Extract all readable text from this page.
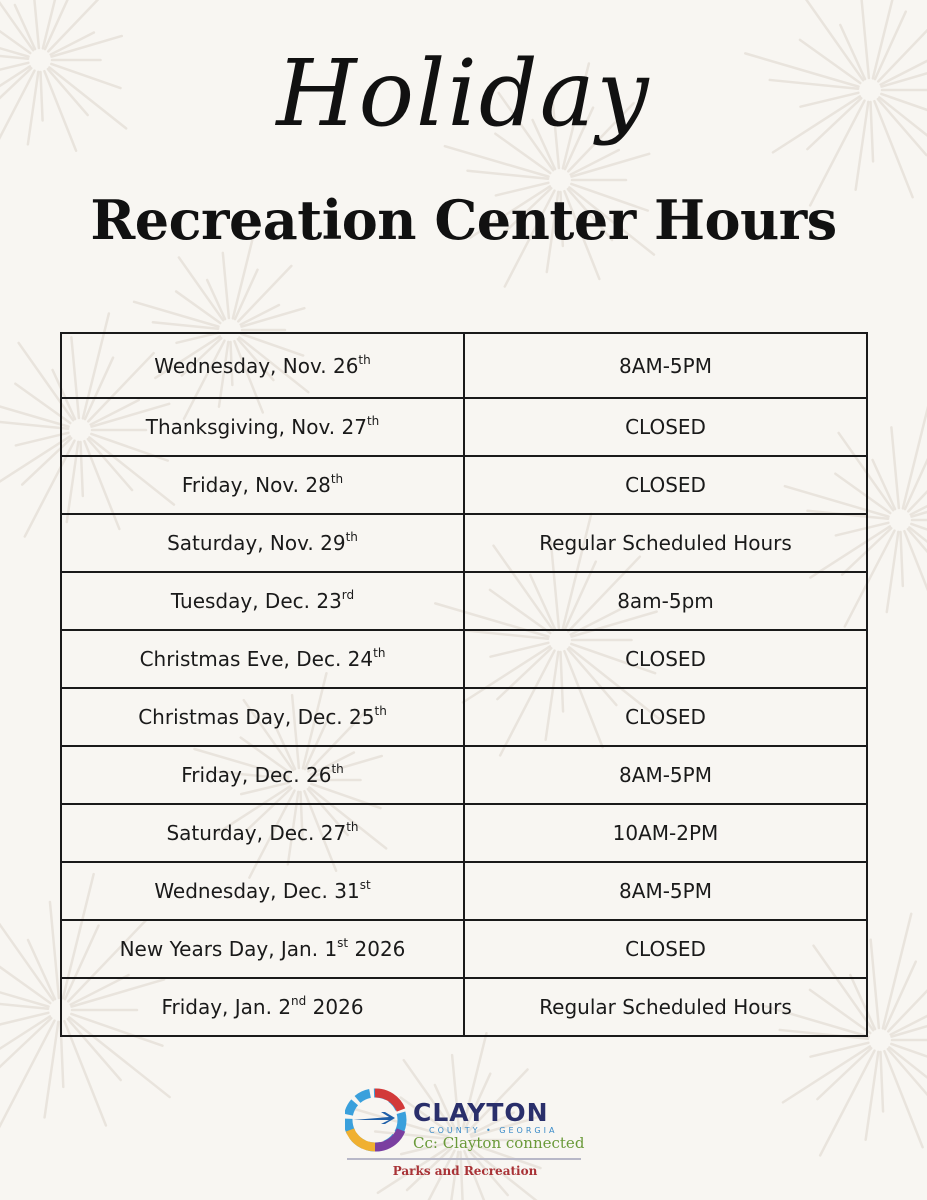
Holiday
Recreation Center Hours
Wednesday, Nov. 26th	8AM-5PM
Thanksgiving, Nov. 27th	CLOSED
Friday, Nov. 28th	CLOSED
Saturday, Nov. 29th	Regular Scheduled Hours
Tuesday, Dec. 23rd	8am-5pm
Christmas Eve, Dec. 24th	CLOSED
Christmas Day, Dec. 25th	CLOSED
Friday, Dec. 26th	8AM-5PM
Saturday, Dec. 27th	10AM-2PM
Wednesday, Dec. 31st	8AM-5PM
New Years Day, Jan. 1st 2026	CLOSED
Friday, Jan. 2nd 2026	Regular Scheduled Hours
CLAYTON
COUNTY • GEORGIA
Cc: Clayton connected
Parks and Recreation
